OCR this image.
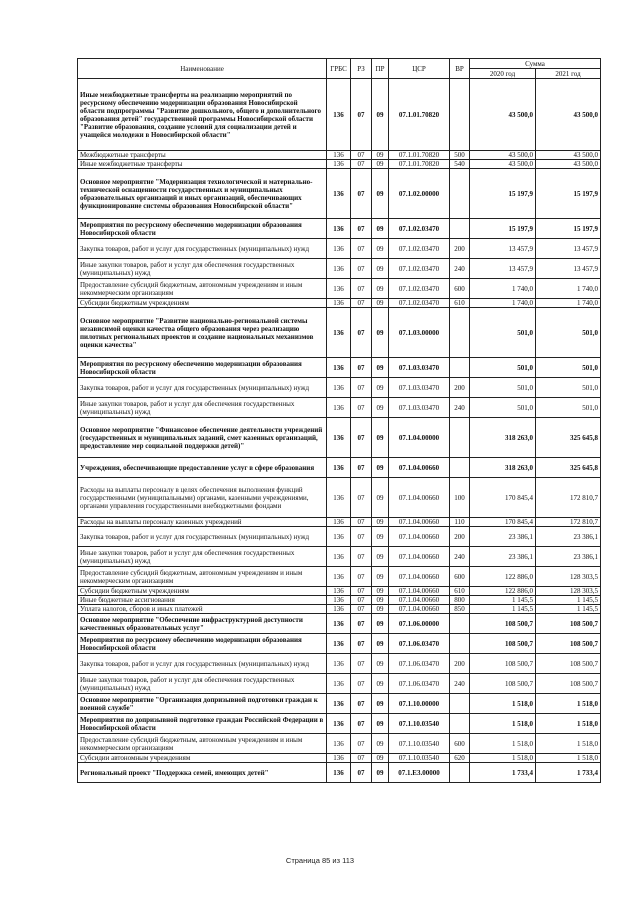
Наименование	ГРБС	РЗ	ПР	ЦСР	ВР	Сумма	
						2020 год	2021 год
Иные межбюджетные трансферты на реализацию мероприятий по ресурсному обеспечению модернизации образования Новосибирской области подпрограммы "Развитие дошкольного, общего и дополнительного образования детей" государственной программы Новосибирской области "Развитие образования, создание условий для социализации детей и учащейся молодежи в Новосибирской области"	136	07	09	07.1.01.70820		43 500,0	43 500,0
Межбюджетные трансферты	136	07	09	07.1.01.70820	500	43 500,0	43 500,0
Иные межбюджетные трансферты	136	07	09	07.1.01.70820	540	43 500,0	43 500,0
Основное мероприятие "Модернизация технологической и материально-технической оснащенности государственных и муниципальных образовательных организаций и иных организаций, обеспечивающих функционирование системы образования Новосибирской области"	136	07	09	07.1.02.00000		15 197,9	15 197,9
Мероприятия по ресурсному обеспечению модернизации образования Новосибирской области	136	07	09	07.1.02.03470		15 197,9	15 197,9
Закупка товаров, работ и услуг для государственных (муниципальных) нужд	136	07	09	07.1.02.03470	200	13 457,9	13 457,9
Иные закупки товаров, работ и услуг для обеспечения государственных (муниципальных) нужд	136	07	09	07.1.02.03470	240	13 457,9	13 457,9
Предоставление субсидий бюджетным, автономным учреждениям и иным некоммерческим организациям	136	07	09	07.1.02.03470	600	1 740,0	1 740,0
Субсидии бюджетным учреждениям	136	07	09	07.1.02.03470	610	1 740,0	1 740,0
Основное мероприятие "Развитие национально-региональной системы независимой оценки качества общего образования через реализацию пилотных региональных проектов и создание национальных механизмов оценки качества"	136	07	09	07.1.03.00000		501,0	501,0
Мероприятия по ресурсному обеспечению модернизации образования Новосибирской области	136	07	09	07.1.03.03470		501,0	501,0
Закупка товаров, работ и услуг для государственных (муниципальных) нужд	136	07	09	07.1.03.03470	200	501,0	501,0
Иные закупки товаров, работ и услуг для обеспечения государственных (муниципальных) нужд	136	07	09	07.1.03.03470	240	501,0	501,0
Основное мероприятие "Финансовое обеспечение деятельности учреждений (государственных и муниципальных заданий, смет казенных организаций, предоставление мер социальной поддержки детей)"	136	07	09	07.1.04.00000		318 263,0	325 645,8
Учреждения, обеспечивающие предоставление услуг в сфере образования	136	07	09	07.1.04.00660		318 263,0	325 645,8
Расходы на выплаты персоналу в целях обеспечения выполнения функций государственными (муниципальными) органами, казенными учреждениями, органами управления государственными внебюджетными фондами	136	07	09	07.1.04.00660	100	170 845,4	172 810,7
Расходы на выплаты персоналу казенных учреждений	136	07	09	07.1.04.00660	110	170 845,4	172 810,7
Закупка товаров, работ и услуг для государственных (муниципальных) нужд	136	07	09	07.1.04.00660	200	23 386,1	23 386,1
Иные закупки товаров, работ и услуг для обеспечения государственных (муниципальных) нужд	136	07	09	07.1.04.00660	240	23 386,1	23 386,1
Предоставление субсидий бюджетным, автономным учреждениям и иным некоммерческим организациям	136	07	09	07.1.04.00660	600	122 886,0	128 303,5
Субсидии бюджетным учреждениям	136	07	09	07.1.04.00660	610	122 886,0	128 303,5
Иные бюджетные ассигнования	136	07	09	07.1.04.00660	800	1 145,5	1 145,5
Уплата налогов, сборов и иных платежей	136	07	09	07.1.04.00660	850	1 145,5	1 145,5
Основное мероприятие "Обеспечение инфраструктурной доступности качественных образовательных услуг"	136	07	09	07.1.06.00000		108 500,7	108 500,7
Мероприятия по ресурсному обеспечению модернизации образования Новосибирской области	136	07	09	07.1.06.03470		108 500,7	108 500,7
Закупка товаров, работ и услуг для государственных (муниципальных) нужд	136	07	09	07.1.06.03470	200	108 500,7	108 500,7
Иные закупки товаров, работ и услуг для обеспечения государственных (муниципальных) нужд	136	07	09	07.1.06.03470	240	108 500,7	108 500,7
Основное мероприятие "Организация допризывной подготовки граждан к военной службе"	136	07	09	07.1.10.00000		1 518,0	1 518,0
Мероприятия по допризывной подготовке граждан Российской Федерации в Новосибирской области	136	07	09	07.1.10.03540		1 518,0	1 518,0
Предоставление субсидий бюджетным, автономным учреждениям и иным некоммерческим организациям	136	07	09	07.1.10.03540	600	1 518,0	1 518,0
Субсидии автономным учреждениям	136	07	09	07.1.10.03540	620	1 518,0	1 518,0
Региональный проект "Поддержка семей, имеющих детей"	136	07	09	07.1.E3.00000		1 733,4	1 733,4
Страница 85 из 113
